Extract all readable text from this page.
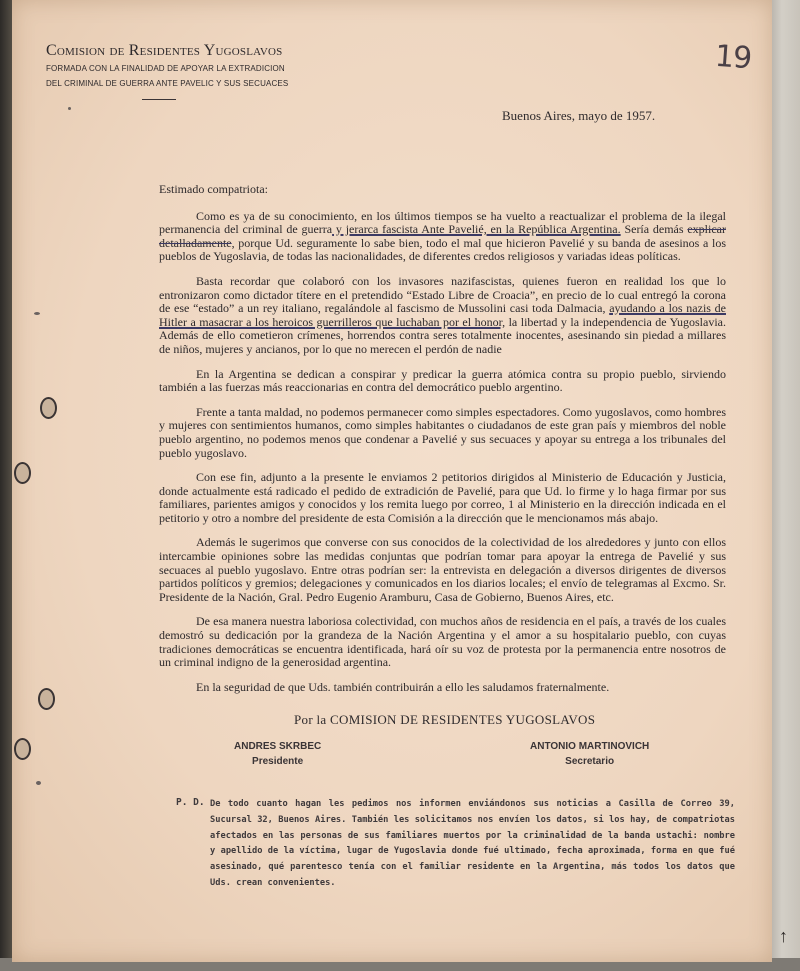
Comision de Residentes Yugoslavos
FORMADA CON LA FINALIDAD DE APOYAR LA EXTRADICION
DEL CRIMINAL DE GUERRA ANTE PAVELIC Y SUS SECUACES
19
Buenos Aires, mayo de 1957.

Estimado compatriota:

Como es ya de su conocimiento, en los últimos tiempos se ha vuelto a reactualizar el problema de la ilegal permanencia del criminal de guerra y jerarca fascista Ante Pavelié, en la República Argentina. Sería demás explicar detalladamente, porque Ud. seguramente lo sabe bien, todo el mal que hicieron Pavelié y su banda de asesinos a los pueblos de Yugoslavia, de todas las nacionalidades, de diferentes credos religiosos y variadas ideas políticas.

Basta recordar que colaboró con los invasores nazifascistas, quienes fueron en realidad los que lo entronizaron como dictador títere en el pretendido “Estado Libre de Croacia”, en precio de lo cual entregó la corona de ese “estado” a un rey italiano, regalándole al fascismo de Mussolini casi toda Dalmacia, ayudando a los nazis de Hitler a masacrar a los heroicos guerrilleros que luchaban por el honor, la libertad y la independencia de Yugoslavia. Además de ello cometieron crímenes, horrendos contra seres totalmente inocentes, asesinando sin piedad a millares de niños, mujeres y ancianos, por lo que no merecen el perdón de nadie

En la Argentina se dedican a conspirar y predicar la guerra atómica contra su propio pueblo, sirviendo también a las fuerzas más reaccionarias en contra del democrático pueblo argentino.

Frente a tanta maldad, no podemos permanecer como simples espectadores. Como yugoslavos, como hombres y mujeres con sentimientos humanos, como simples habitantes o ciudadanos de este gran país y miembros del noble pueblo argentino, no podemos menos que condenar a Pavelié y sus secuaces y apoyar su entrega a los tribunales del pueblo yugoslavo.

Con ese fin, adjunto a la presente le enviamos 2 petitorios dirigidos al Ministerio de Educación y Justicia, donde actualmente está radicado el pedido de extradición de Pavelié, para que Ud. lo firme y lo haga firmar por sus familiares, parientes amigos y conocidos y los remita luego por correo, 1 al Ministerio en la dirección indicada en el petitorio y otro a nombre del presidente de esta Comisión a la dirección que le mencionamos más abajo.

Además le sugerimos que converse con sus conocidos de la colectividad de los alrededores y junto con ellos intercambie opiniones sobre las medidas conjuntas que podrían tomar para apoyar la entrega de Pavelié y sus secuaces al pueblo yugoslavo. Entre otras podrían ser: la entrevista en delegación a diversos dirigentes de diversos partidos políticos y gremios; delegaciones y comunicados en los diarios locales; el envío de telegramas al Excmo. Sr. Presidente de la Nación, Gral. Pedro Eugenio Aramburu, Casa de Gobierno, Buenos Aires, etc.

De esa manera nuestra laboriosa colectividad, con muchos años de residencia en el país, a través de los cuales demostró su dedicación por la grandeza de la Nación Argentina y el amor a su hospitalario pueblo, con cuyas tradiciones democráticas se encuentra identificada, hará oír su voz de protesta por la permanencia entre nosotros de un criminal indigno de la generosidad argentina.

En la seguridad de que Uds. también contribuirán a ello les saludamos fraternalmente.

Por la COMISION DE RESIDENTES YUGOSLAVOS
ANDRES SKRBEC
Presidente
ANTONIO MARTINOVICH
Secretario
P. D. De todo cuanto hagan les pedimos nos informen enviándonos sus noticias a Casilla de Correo 39, Sucursal 32, Buenos Aires. También les solicitamos nos envíen los datos, si los hay, de compatriotas afectados en las personas de sus familiares muertos por la criminalidad de la banda ustachi: nombre y apellido de la víctima, lugar de Yugoslavia donde fué ultimado, fecha aproximada, forma en que fué asesinado, qué parentesco tenía con el familiar residente en la Argentina, más todos los datos que Uds. crean convenientes.
↑
